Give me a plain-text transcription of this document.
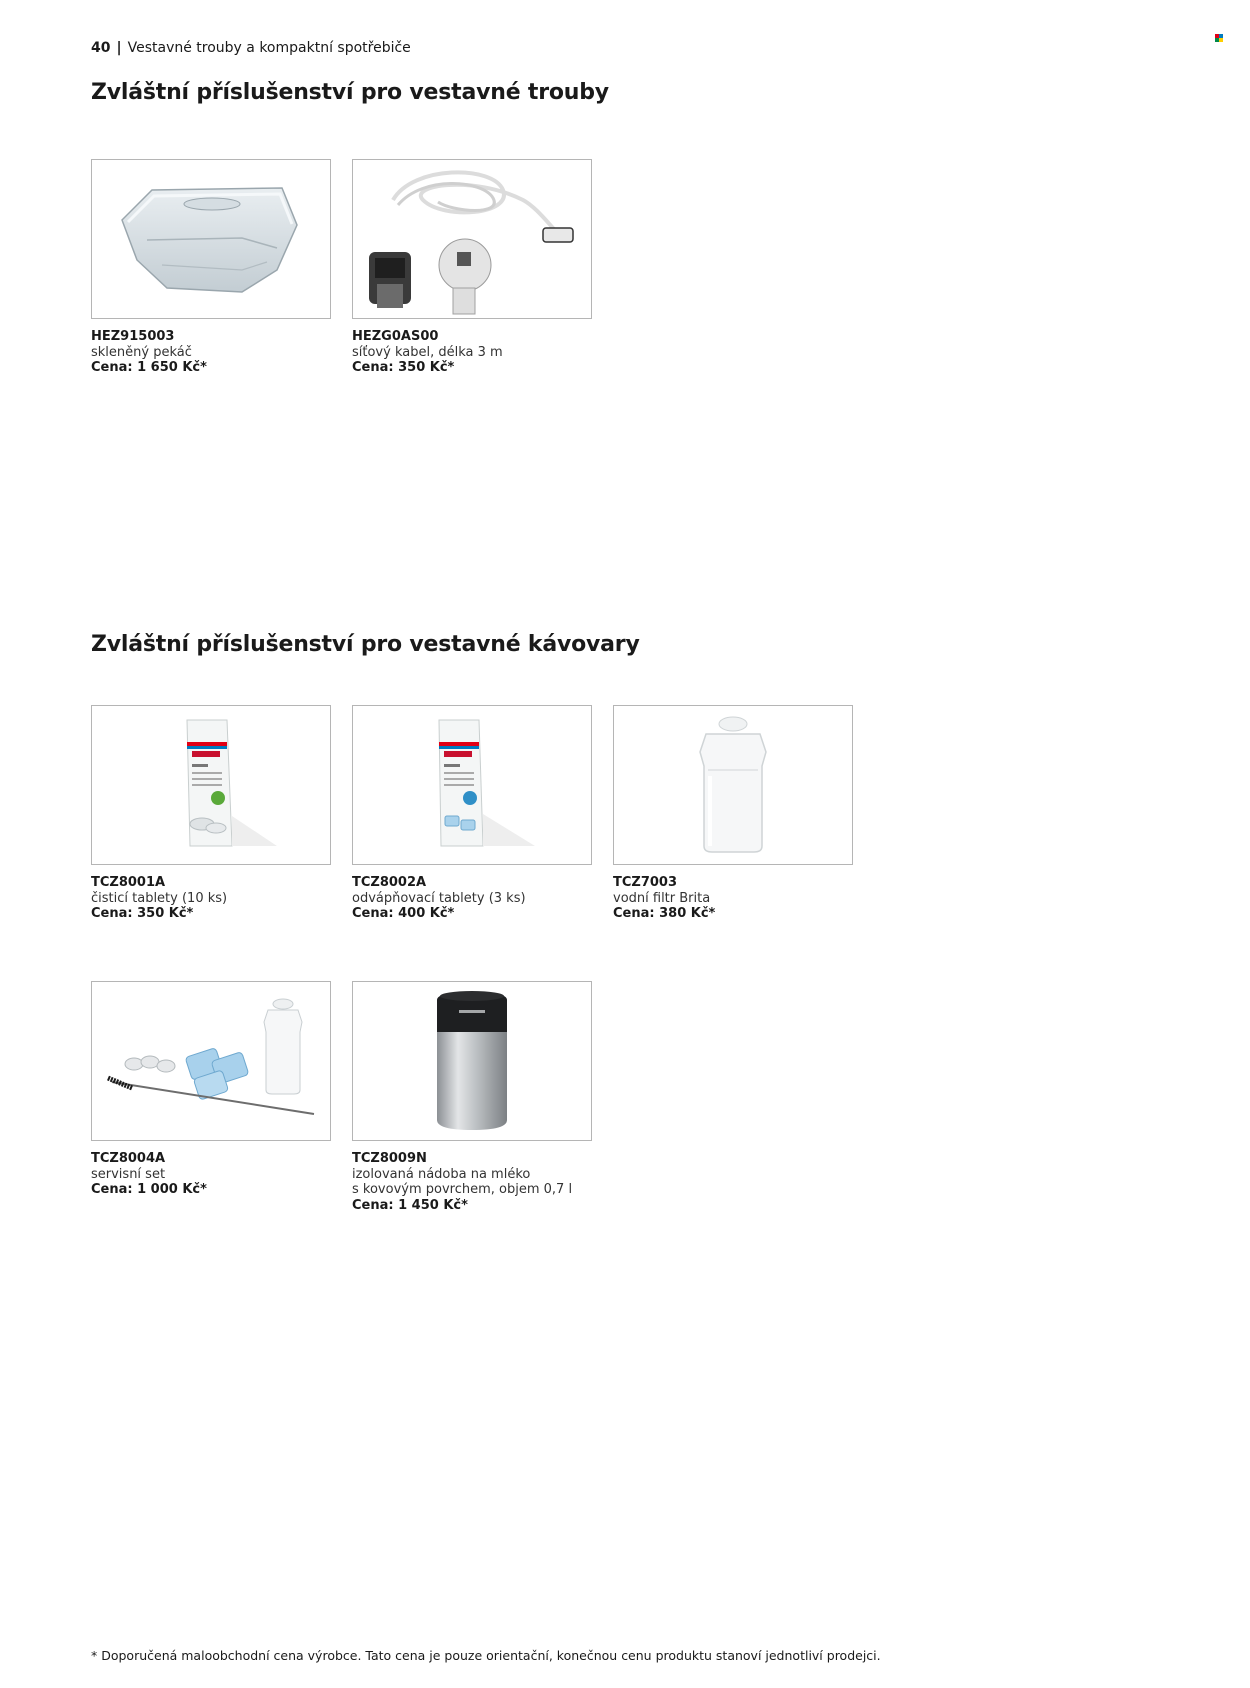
40 | Vestavné trouby a kompaktní spotřebiče
Zvláštní příslušenství pro vestavné trouby
HEZ915003
skleněný pekáč
Cena: 1 650 Kč*
HEZG0AS00
síťový kabel, délka 3 m
Cena: 350 Kč*
Zvláštní příslušenství pro vestavné kávovary
TCZ8001A
čisticí tablety (10 ks)
Cena: 350 Kč*
TCZ8002A
odvápňovací tablety (3 ks)
Cena: 400 Kč*
TCZ7003
vodní filtr Brita
Cena: 380 Kč*
TCZ8004A
servisní set
Cena: 1 000 Kč*
TCZ8009N
izolovaná nádoba na mléko
s kovovým povrchem, objem 0,7 l
Cena: 1 450 Kč*
* Doporučená maloobchodní cena výrobce. Tato cena je pouze orientační, konečnou cenu produktu stanoví jednotliví prodejci.
